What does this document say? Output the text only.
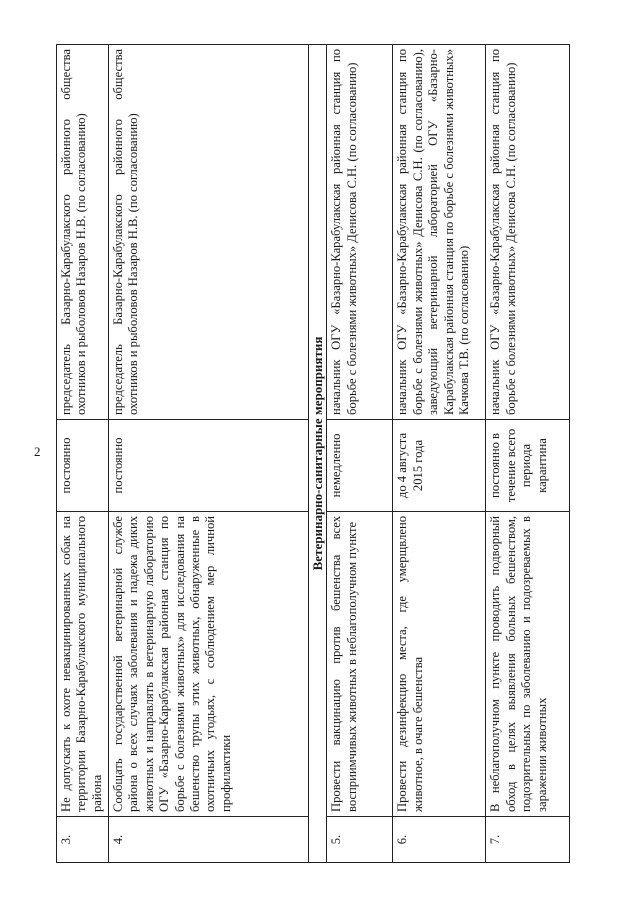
2
3.	Не допускать к охоте невакцинированных собак на территории Базарно-Карабулакского муниципального района	постоянно	председатель Базарно-Карабулакского районного общества охотников и рыболовов Назаров Н.В. (по согласованию)
4.	Сообщать государственной ветеринарной службе района о всех случаях заболевания и падежа диких животных и направлять в ветеринарную лабораторию ОГУ «Базарно-Карабулакская районная станция по борьбе с болезнями животных» для исследования на бешенство трупы этих животных, обнаруженные в охотничьих угодьях, с соблюдением мер личной профилактики	постоянно	председатель Базарно-Карабулакского районного общества охотников и рыболовов Назаров Н.В. (по согласованию)
Ветеринарно-санитарные мероприятия			
5.	Провести вакцинацию против бешенства всех восприимчивых животных в неблагополучном пункте	немедленно	начальник ОГУ «Базарно-Карабулакская районная станция по борьбе с болезнями животных» Денисова С.Н. (по согласованию)
6.	Провести дезинфекцию места, где умерщвлено животное, в очаге бешенства	до 4 августа 2015 года	начальник ОГУ «Базарно-Карабулакская районная станция по борьбе с болезнями животных» Денисова С.Н. (по согласованию), заведующий ветеринарной лабораторией ОГУ «Базарно-Карабулакская районная станция по борьбе с болезнями животных» Качкова Т.В. (по согласованию)
7.	В неблагополучном пункте проводить подворный обход в целях выявления больных бешенством, подозрительных по заболеванию и подозреваемых в заражении животных	постоянно в течение всего периода карантина	начальник ОГУ «Базарно-Карабулакская районная станция по борьбе с болезнями животных» Денисова С.Н. (по согласованию)
